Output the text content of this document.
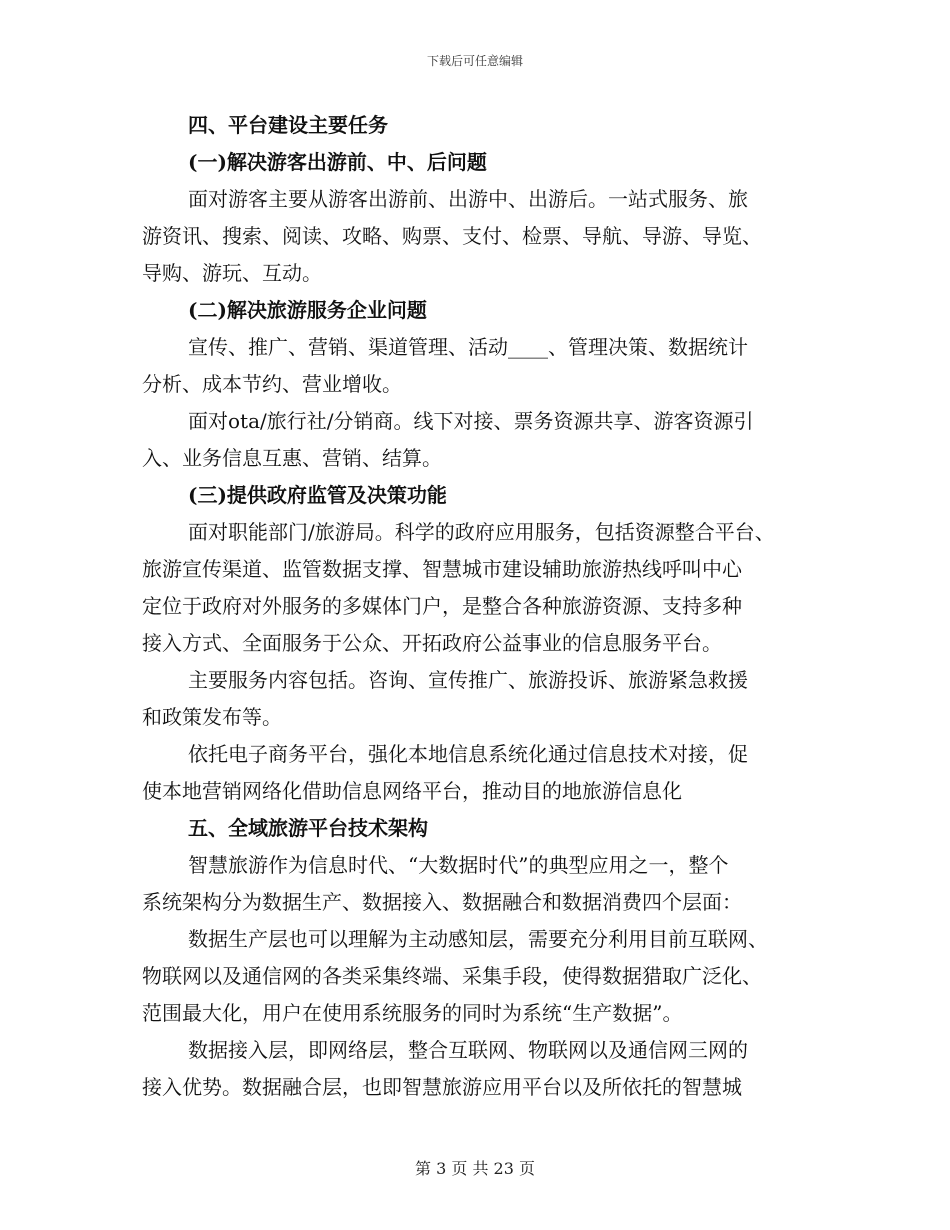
下载后可任意编辑
四、平台建设主要任务
(一)解决游客出游前、中、后问题
面对游客主要从游客出游前、出游中、出游后。一站式服务、旅
游资讯、搜索、阅读、攻略、购票、支付、检票、导航、导游、导览、
导购、游玩、互动。
(二)解决旅游服务企业问题
宣传、推广、营销、渠道管理、活动____、管理决策、数据统计
分析、成本节约、营业增收。
面对ota/旅行社/分销商。线下对接、票务资源共享、游客资源引
入、业务信息互惠、营销、结算。
(三)提供政府监管及决策功能
面对职能部门/旅游局。科学的政府应用服务，包括资源整合平台、
旅游宣传渠道、监管数据支撑、智慧城市建设辅助旅游热线呼叫中心
定位于政府对外服务的多媒体门户，是整合各种旅游资源、支持多种
接入方式、全面服务于公众、开拓政府公益事业的信息服务平台。
主要服务内容包括。咨询、宣传推广、旅游投诉、旅游紧急救援
和政策发布等。
依托电子商务平台，强化本地信息系统化通过信息技术对接，促
使本地营销网络化借助信息网络平台，推动目的地旅游信息化
五、全域旅游平台技术架构
智慧旅游作为信息时代、“大数据时代”的典型应用之一，整个
系统架构分为数据生产、数据接入、数据融合和数据消费四个层面：
数据生产层也可以理解为主动感知层，需要充分利用目前互联网、
物联网以及通信网的各类采集终端、采集手段，使得数据猎取广泛化、
范围最大化，用户在使用系统服务的同时为系统“生产数据”。
数据接入层，即网络层，整合互联网、物联网以及通信网三网的
接入优势。数据融合层，也即智慧旅游应用平台以及所依托的智慧城
第 3 页 共 23 页
